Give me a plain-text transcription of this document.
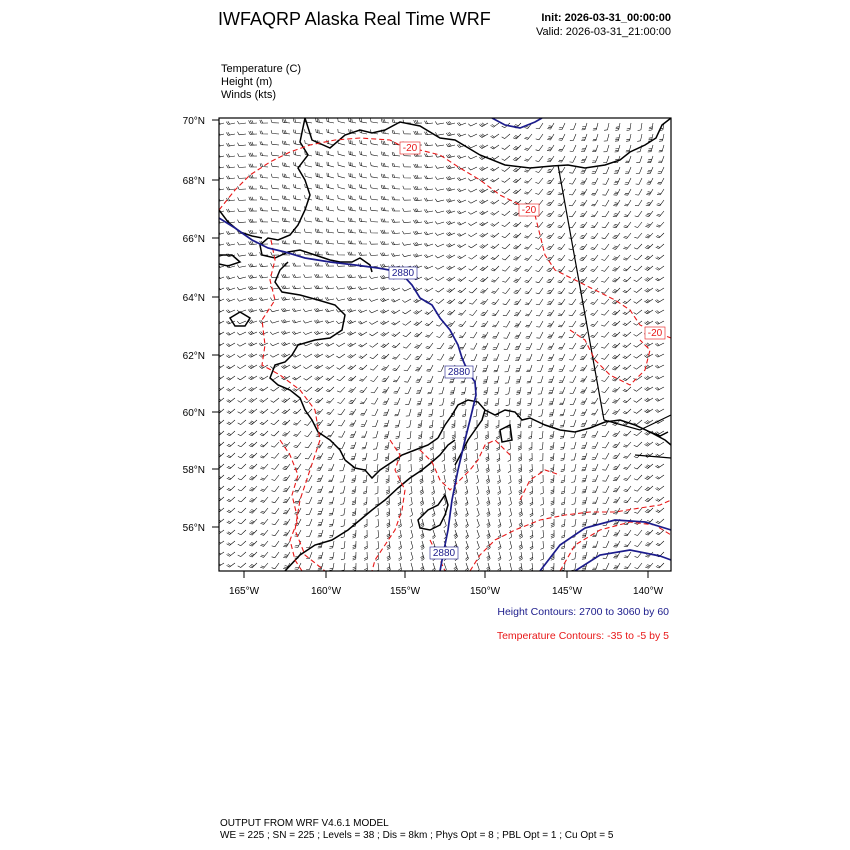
IWFAQRP Alaska Real Time WRF	Init: 2026-03-31_00:00:00
Valid: 2026-03-31_21:00:00
Temperature (C)
Height (m)
Winds (kts)
-20
-20
-20
2880
2880
2880
70°N
68°N
66°N
64°N
62°N
60°N
58°N
56°N
165°W	160°W	155°W	150°W	145°W	140°W
Height Contours: 2700 to 3060 by 60
Temperature Contours: -35 to -5 by 5
OUTPUT FROM WRF V4.6.1 MODEL
WE = 225 ; SN = 225 ; Levels = 38 ; Dis = 8km ; Phys Opt = 8 ; PBL Opt = 1 ; Cu Opt = 5
